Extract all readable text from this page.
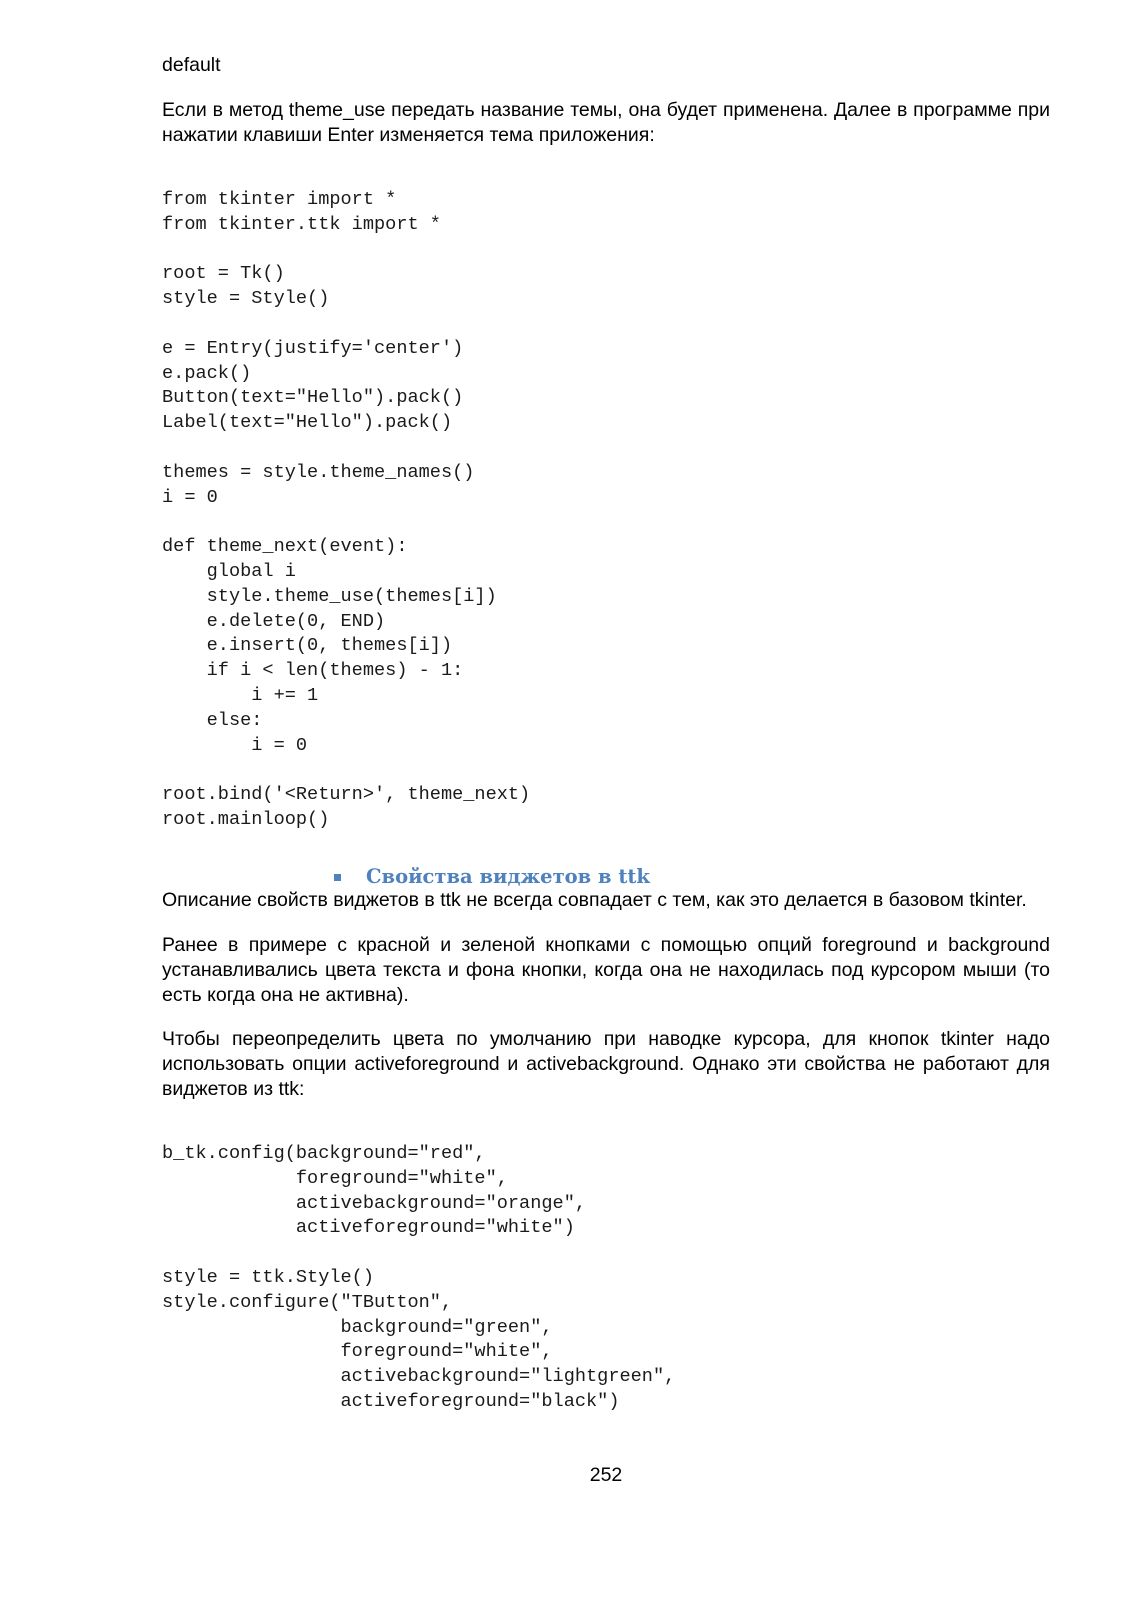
default

Если в метод theme_use передать название темы, она будет применена. Далее в программе при нажатии клавиши Enter изменяется тема приложения:

from tkinter import *
from tkinter.ttk import *

root = Tk()
style = Style()

e = Entry(justify='center')
e.pack()
Button(text="Hello").pack()
Label(text="Hello").pack()

themes = style.theme_names()
i = 0

def theme_next(event):
global i
style.theme_use(themes[i])
e.delete(0, END)
e.insert(0, themes[i])
if i < len(themes) - 1:
i += 1
else:
i = 0

root.bind('<Return>', theme_next)
root.mainloop()
Свойства виджетов в ttk

Описание свойств виджетов в ttk не всегда совпадает с тем, как это делается в базовом tkinter.

Ранее в примере с красной и зеленой кнопками с помощью опций foreground и background устанавливались цвета текста и фона кнопки, когда она не находилась под курсором мыши (то есть когда она не активна).

Чтобы переопределить цвета по умолчанию при наводке курсора, для кнопок tkinter надо использовать опции activeforeground и activebackground. Однако эти свойства не работают для виджетов из ttk:

b_tk.config(background="red",
foreground="white",
activebackground="orange",
activeforeground="white")

style = ttk.Style()
style.configure("TButton",
background="green",
foreground="white",
activebackground="lightgreen",
activeforeground="black")
252
